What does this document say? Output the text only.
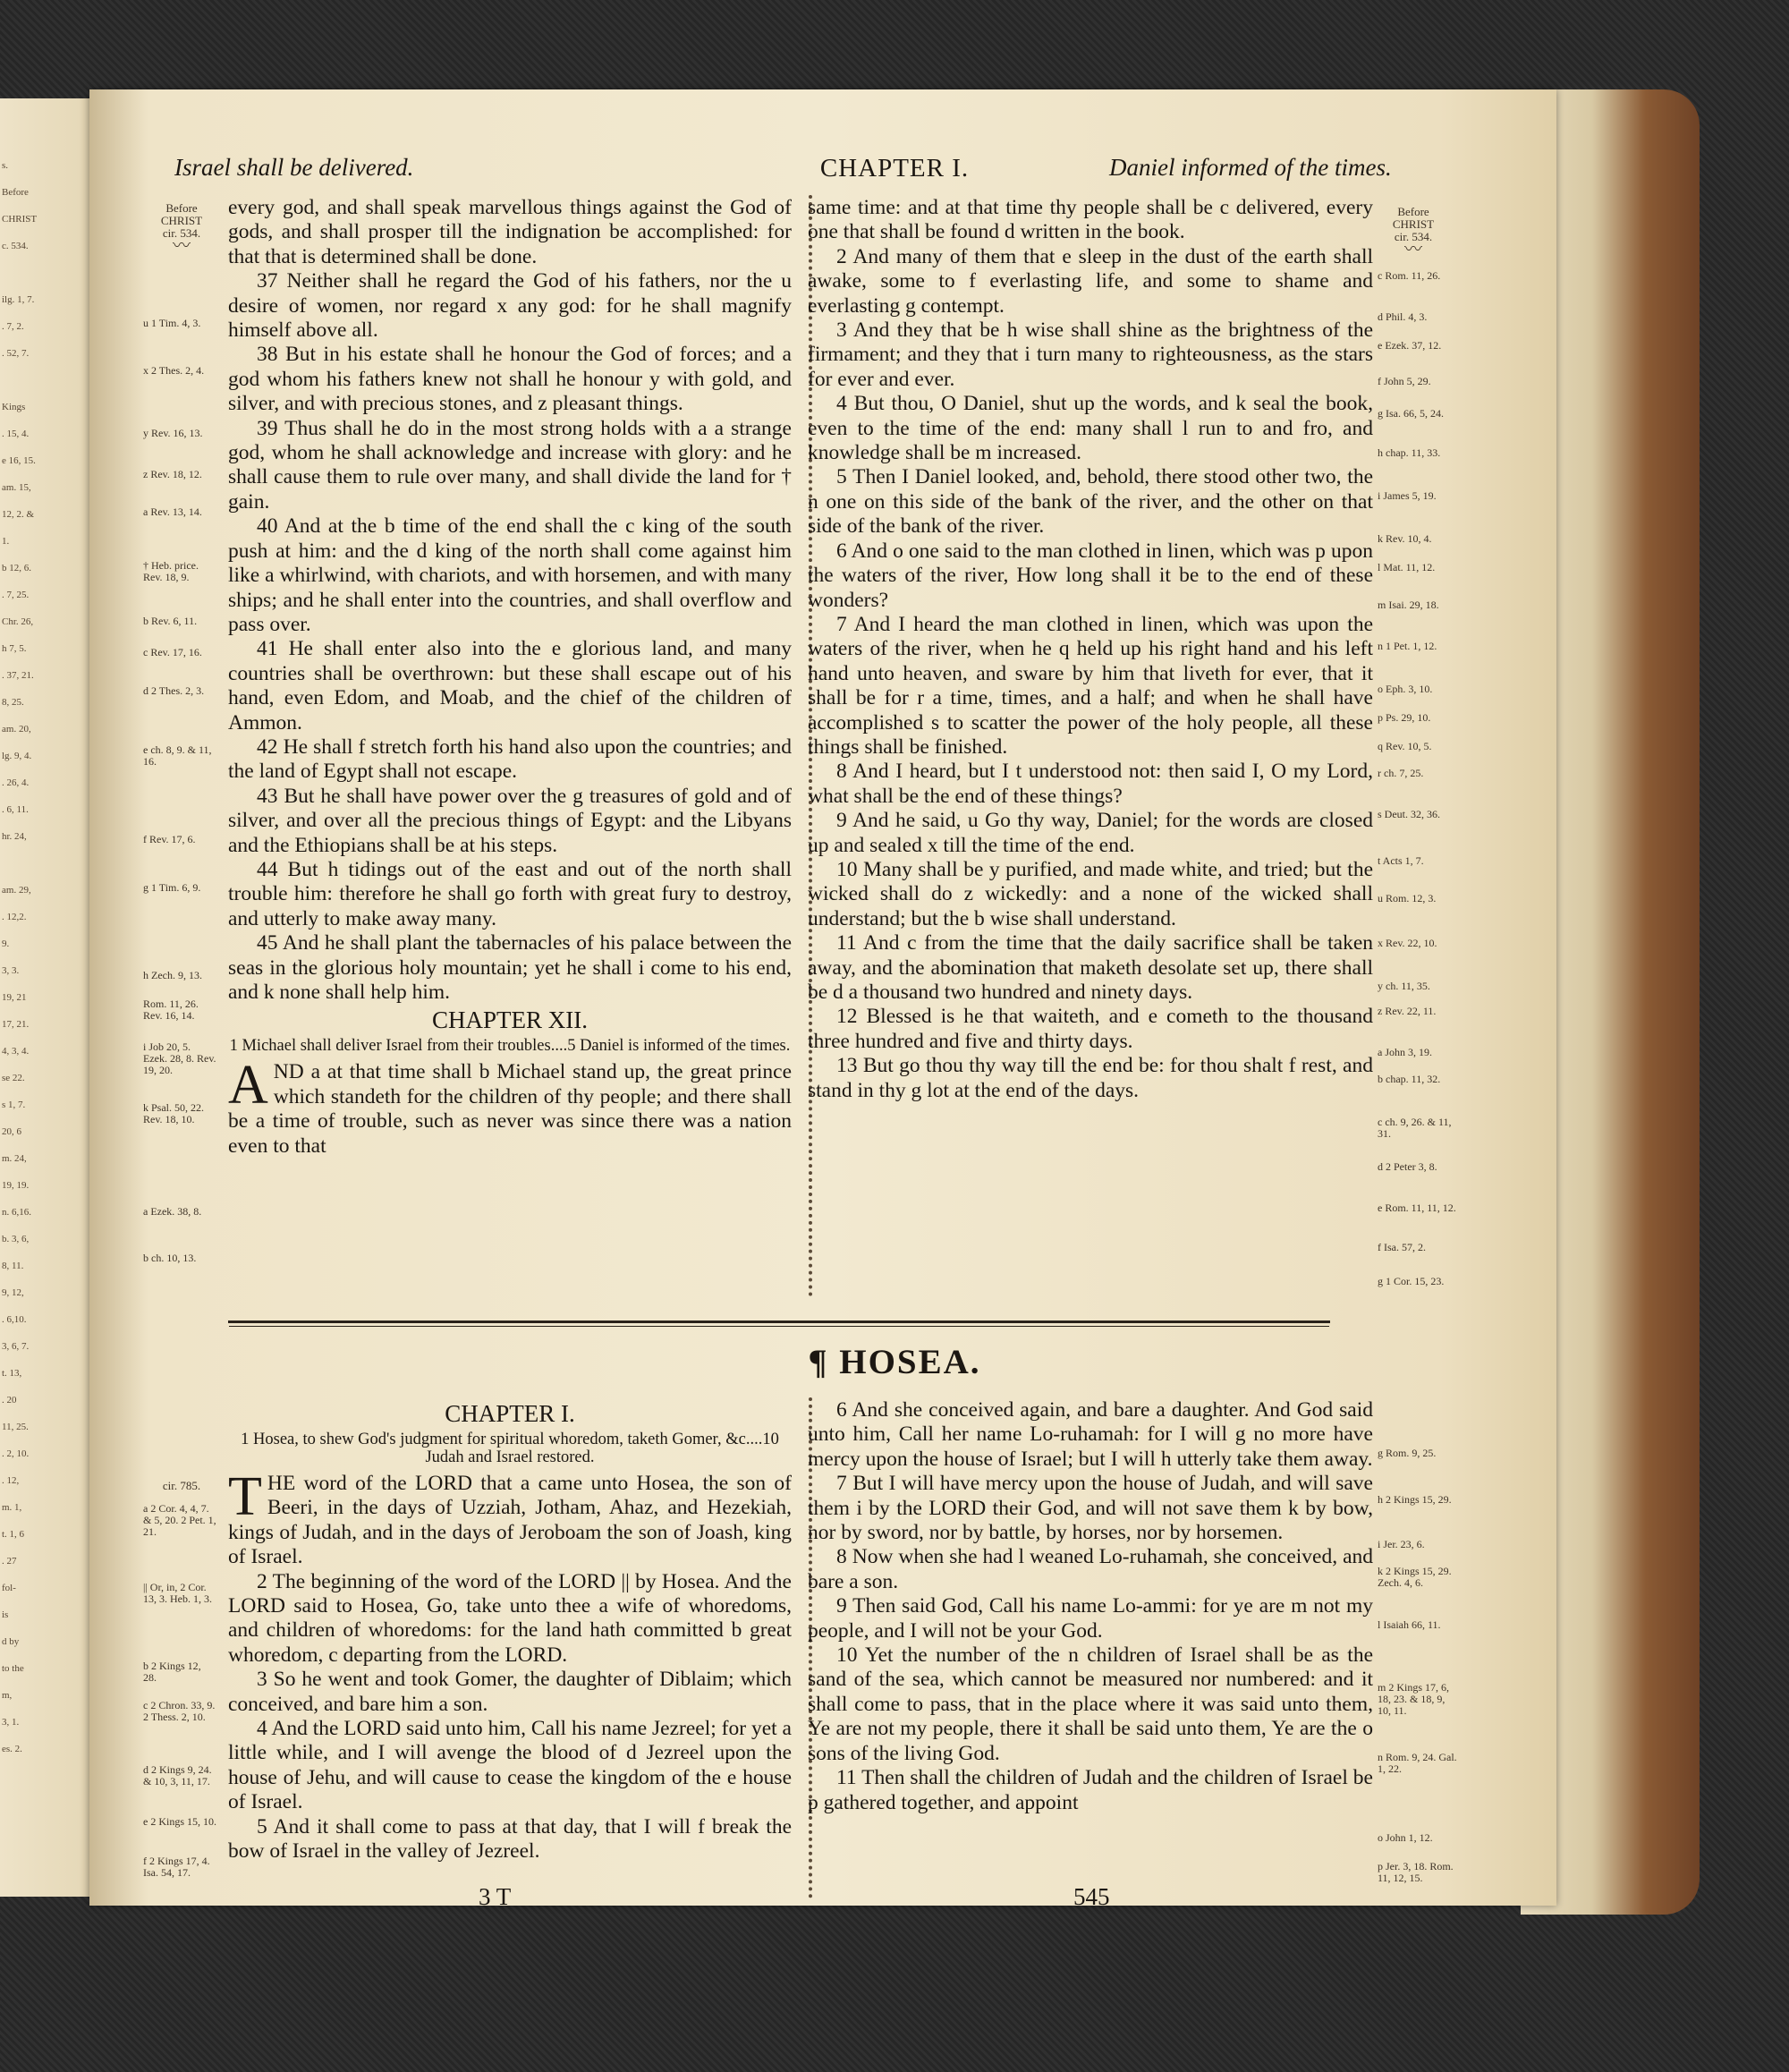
s.
Before
CHRIST
c. 534.

ilg. 1, 7.
. 7, 2.
. 52, 7.

Kings
. 15, 4.
e 16, 15.
am. 15,
12, 2. &
1.
b 12, 6.
. 7, 25.
Chr. 26,
h 7, 5.
. 37, 21.
8, 25.
am. 20,
lg. 9, 4.
. 26, 4.
. 6, 11.
hr. 24,

am. 29,
. 12,2.
9.
3, 3.
19, 21
17, 21.
4, 3, 4.
se 22.
s 1, 7.
20, 6
m. 24,
19, 19.
n. 6,16.
b. 3, 6,
8, 11.
9, 12,
. 6,10.
3, 6, 7.
t. 13,
. 20
11, 25.
. 2, 10.
. 12,
m. 1,
t. 1, 6
. 27
fol-
is
d by
to the
m,
3, 1.
es. 2.
Israel shall be delivered.	CHAPTER I.	Daniel informed of the times.
Before CHRIST
cir. 534.
〰
Before CHRIST
cir. 534.
〰
cir. 785.

every god, and shall speak marvellous things against the God of gods, and shall prosper till the indignation be accomplished: for that that is determined shall be done.

37 Neither shall he regard the God of his fathers, nor the u desire of women, nor regard x any god: for he shall magnify himself above all.

38 But in his estate shall he honour the God of forces; and a god whom his fathers knew not shall he honour y with gold, and silver, and with precious stones, and z pleasant things.

39 Thus shall he do in the most strong holds with a a strange god, whom he shall acknowledge and increase with glory: and he shall cause them to rule over many, and shall divide the land for † gain.

40 And at the b time of the end shall the c king of the south push at him: and the d king of the north shall come against him like a whirlwind, with chariots, and with horsemen, and with many ships; and he shall enter into the countries, and shall overflow and pass over.

41 He shall enter also into the e glorious land, and many countries shall be overthrown: but these shall escape out of his hand, even Edom, and Moab, and the chief of the children of Ammon.

42 He shall f stretch forth his hand also upon the countries; and the land of Egypt shall not escape.

43 But he shall have power over the g treasures of gold and of silver, and over all the precious things of Egypt: and the Libyans and the Ethiopians shall be at his steps.

44 But h tidings out of the east and out of the north shall trouble him: therefore he shall go forth with great fury to destroy, and utterly to make away many.

45 And he shall plant the tabernacles of his palace between the seas in the glorious holy mountain; yet he shall i come to his end, and k none shall help him.

CHAPTER XII.
1 Michael shall deliver Israel from their troubles....5 Daniel is informed of the times.

AND a at that time shall b Michael stand up, the great prince which standeth for the children of thy people; and there shall be a time of trouble, such as never was since there was a nation even to that

same time: and at that time thy people shall be c delivered, every one that shall be found d written in the book.

2 And many of them that e sleep in the dust of the earth shall awake, some to f everlasting life, and some to shame and everlasting g contempt.

3 And they that be h wise shall shine as the brightness of the firmament; and they that i turn many to righteousness, as the stars for ever and ever.

4 But thou, O Daniel, shut up the words, and k seal the book, even to the time of the end: many shall l run to and fro, and knowledge shall be m increased.

5 Then I Daniel looked, and, behold, there stood other two, the n one on this side of the bank of the river, and the other on that side of the bank of the river.

6 And o one said to the man clothed in linen, which was p upon the waters of the river, How long shall it be to the end of these wonders?

7 And I heard the man clothed in linen, which was upon the waters of the river, when he q held up his right hand and his left hand unto heaven, and sware by him that liveth for ever, that it shall be for r a time, times, and a half; and when he shall have accomplished s to scatter the power of the holy people, all these things shall be finished.

8 And I heard, but I t understood not: then said I, O my Lord, what shall be the end of these things?

9 And he said, u Go thy way, Daniel; for the words are closed up and sealed x till the time of the end.

10 Many shall be y purified, and made white, and tried; but the wicked shall do z wickedly: and a none of the wicked shall understand; but the b wise shall understand.

11 And c from the time that the daily sacrifice shall be taken away, and the abomination that maketh desolate set up, there shall be d a thousand two hundred and ninety days.

12 Blessed is he that waiteth, and e cometh to the thousand three hundred and five and thirty days.

13 But go thou thy way till the end be: for thou shalt f rest, and stand in thy g lot at the end of the days.

¶ HOSEA.
CHAPTER I.
1 Hosea, to shew God's judgment for spiritual whoredom, taketh Gomer, &c....10 Judah and Israel restored.

THE word of the LORD that a came unto Hosea, the son of Beeri, in the days of Uzziah, Jotham, Ahaz, and Hezekiah, kings of Judah, and in the days of Jeroboam the son of Joash, king of Israel.

2 The beginning of the word of the LORD || by Hosea. And the LORD said to Hosea, Go, take unto thee a wife of whoredoms, and children of whoredoms: for the land hath committed b great whoredom, c departing from the LORD.

3 So he went and took Gomer, the daughter of Diblaim; which conceived, and bare him a son.

4 And the LORD said unto him, Call his name Jezreel; for yet a little while, and I will avenge the blood of d Jezreel upon the house of Jehu, and will cause to cease the kingdom of the e house of Israel.

5 And it shall come to pass at that day, that I will f break the bow of Israel in the valley of Jezreel.

6 And she conceived again, and bare a daughter. And God said unto him, Call her name Lo-ruhamah: for I will g no more have mercy upon the house of Israel; but I will h utterly take them away.

7 But I will have mercy upon the house of Judah, and will save them i by the LORD their God, and will not save them k by bow, nor by sword, nor by battle, by horses, nor by horsemen.

8 Now when she had l weaned Lo-ruhamah, she conceived, and bare a son.

9 Then said God, Call his name Lo-ammi: for ye are m not my people, and I will not be your God.

10 Yet the number of the n children of Israel shall be as the sand of the sea, which cannot be measured nor numbered: and it shall come to pass, that in the place where it was said unto them, Ye are not my people, there it shall be said unto them, Ye are the o sons of the living God.

11 Then shall the children of Judah and the children of Israel be p gathered together, and appoint

u 1 Tim. 4, 3.
x 2 Thes. 2, 4.
y Rev. 16, 13.
z Rev. 18, 12.
a Rev. 13, 14.
† Heb. price. Rev. 18, 9.
b Rev. 6, 11.
c Rev. 17, 16.
d 2 Thes. 2, 3.
e ch. 8, 9. & 11, 16.
f Rev. 17, 6.
g 1 Tim. 6, 9.
h Zech. 9, 13.
Rom. 11, 26. Rev. 16, 14.
i Job 20, 5. Ezek. 28, 8. Rev. 19, 20.
k Psal. 50, 22. Rev. 18, 10.
a Ezek. 38, 8.
b ch. 10, 13.
c Rom. 11, 26.
d Phil. 4, 3.
e Ezek. 37, 12.
f John 5, 29.
g Isa. 66, 5, 24.
h chap. 11, 33.
i James 5, 19.
k Rev. 10, 4.
l Mat. 11, 12.
m Isai. 29, 18.
n 1 Pet. 1, 12.
o Eph. 3, 10.
p Ps. 29, 10.
q Rev. 10, 5.
r ch. 7, 25.
s Deut. 32, 36.
t Acts 1, 7.
u Rom. 12, 3.
x Rev. 22, 10.
y ch. 11, 35.
z Rev. 22, 11.
a John 3, 19.
b chap. 11, 32.
c ch. 9, 26. & 11, 31.
d 2 Peter 3, 8.
e Rom. 11, 11, 12.
f Isa. 57, 2.
g 1 Cor. 15, 23.
a 2 Cor. 4, 4, 7. & 5, 20. 2 Pet. 1, 21.
|| Or, in, 2 Cor. 13, 3. Heb. 1, 3.
b 2 Kings 12, 28.
c 2 Chron. 33, 9. 2 Thess. 2, 10.
d 2 Kings 9, 24. & 10, 3, 11, 17.
e 2 Kings 15, 10.
f 2 Kings 17, 4. Isa. 54, 17.
g Rom. 9, 25.
h 2 Kings 15, 29.
i Jer. 23, 6.
k 2 Kings 15, 29. Zech. 4, 6.
l Isaiah 66, 11.
m 2 Kings 17, 6, 18, 23. & 18, 9, 10, 11.
n Rom. 9, 24. Gal. 1, 22.
o John 1, 12.
p Jer. 3, 18. Rom. 11, 12, 15.
3 T	545
